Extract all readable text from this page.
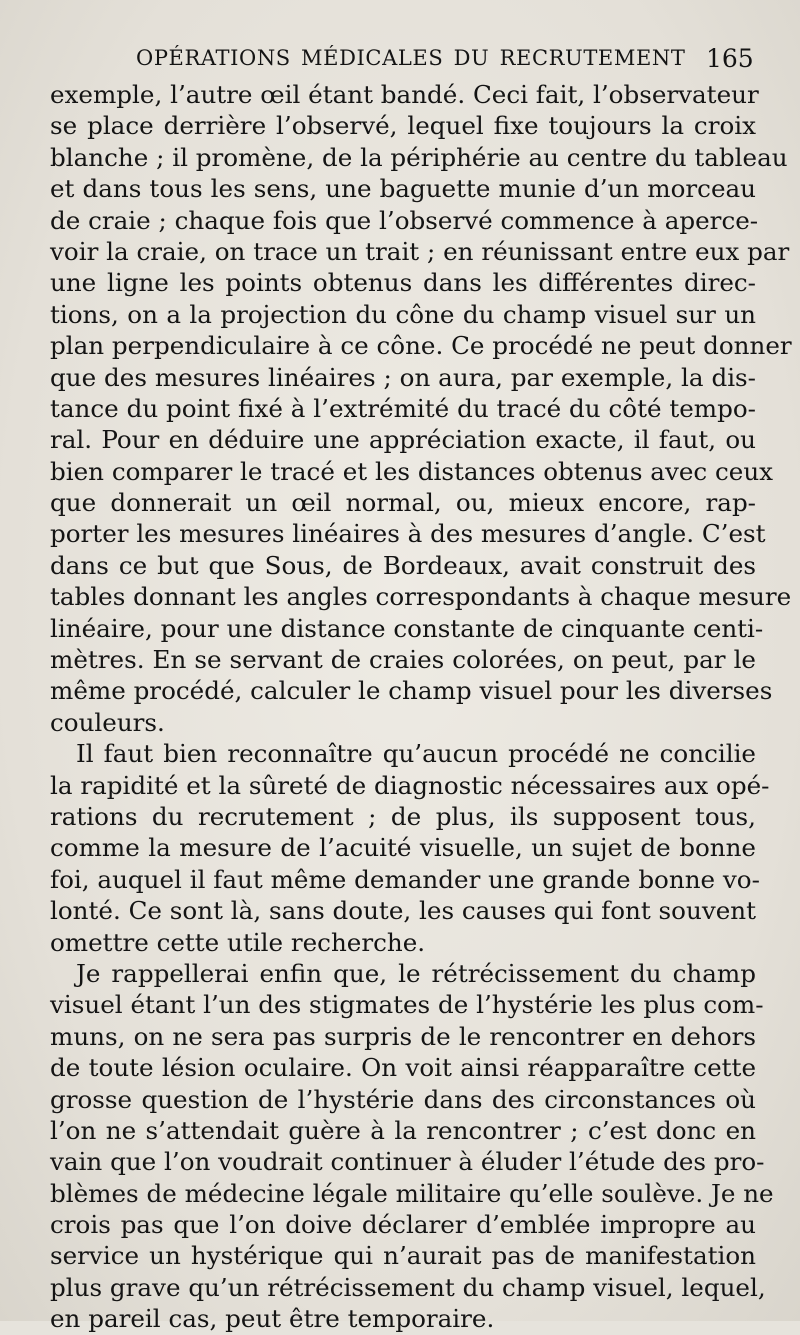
OPÉRATIONS MÉDICALES DU RECRUTEMENT 165
exemple, l’autre œil étant bandé. Ceci fait, l’observateur
se place derrière l’observé, lequel fixe toujours la croix
blanche ; il promène, de la périphérie au centre du tableau
et dans tous les sens, une baguette munie d’un morceau
de craie ; chaque fois que l’observé commence à aperce-
voir la craie, on trace un trait ; en réunissant entre eux par
une ligne les points obtenus dans les différentes direc-
tions, on a la projection du cône du champ visuel sur un
plan perpendiculaire à ce cône. Ce procédé ne peut donner
que des mesures linéaires ; on aura, par exemple, la dis-
tance du point fixé à l’extrémité du tracé du côté tempo-
ral. Pour en déduire une appréciation exacte, il faut, ou
bien comparer le tracé et les distances obtenus avec ceux
que donnerait un œil normal, ou, mieux encore, rap-
porter les mesures linéaires à des mesures d’angle. C’est
dans ce but que Sous, de Bordeaux, avait construit des
tables donnant les angles correspondants à chaque mesure
linéaire, pour une distance constante de cinquante centi-
mètres. En se servant de craies colorées, on peut, par le
même procédé, calculer le champ visuel pour les diverses
couleurs.
Il faut bien reconnaître qu’aucun procédé ne concilie
la rapidité et la sûreté de diagnostic nécessaires aux opé-
rations du recrutement ; de plus, ils supposent tous,
comme la mesure de l’acuité visuelle, un sujet de bonne
foi, auquel il faut même demander une grande bonne vo-
lonté. Ce sont là, sans doute, les causes qui font souvent
omettre cette utile recherche.
Je rappellerai enfin que, le rétrécissement du champ
visuel étant l’un des stigmates de l’hystérie les plus com-
muns, on ne sera pas surpris de le rencontrer en dehors
de toute lésion oculaire. On voit ainsi réapparaître cette
grosse question de l’hystérie dans des circonstances où
l’on ne s’attendait guère à la rencontrer ; c’est donc en
vain que l’on voudrait continuer à éluder l’étude des pro-
blèmes de médecine légale militaire qu’elle soulève. Je ne
crois pas que l’on doive déclarer d’emblée impropre au
service un hystérique qui n’aurait pas de manifestation
plus grave qu’un rétrécissement du champ visuel, lequel,
en pareil cas, peut être temporaire.
